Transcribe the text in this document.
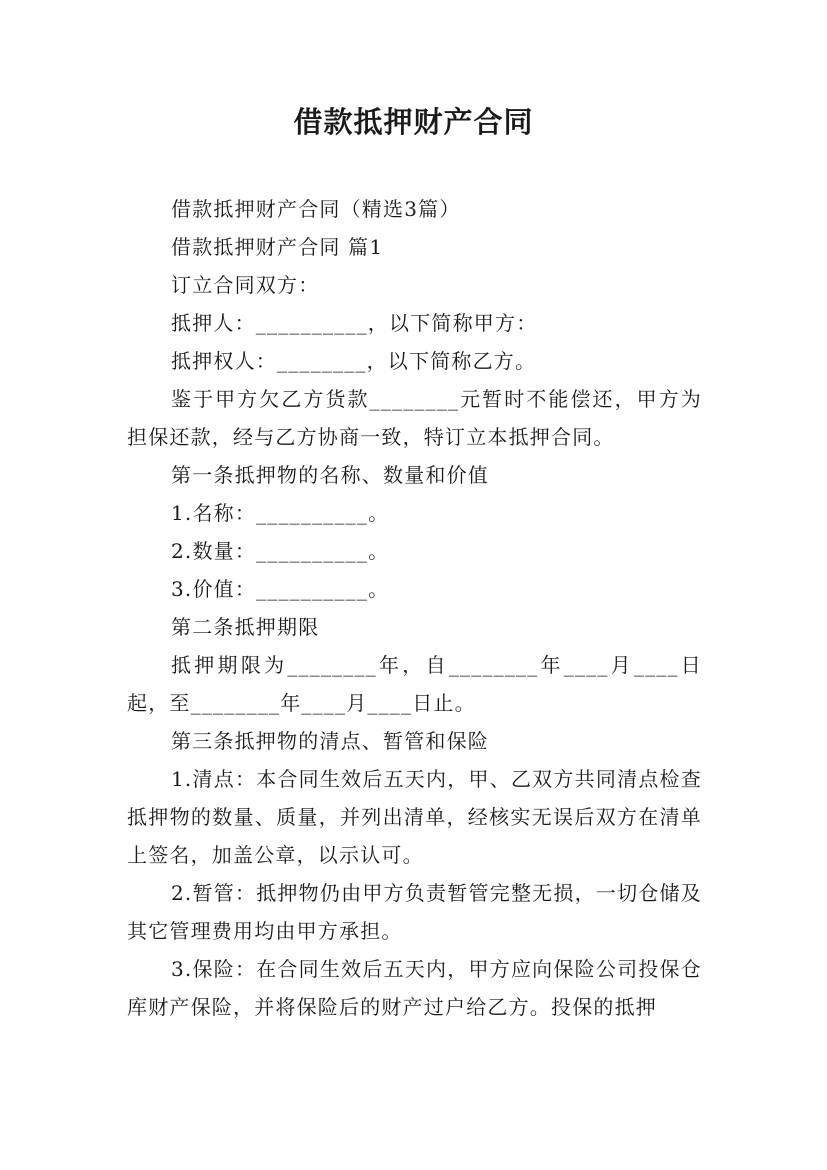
借款抵押财产合同

借款抵押财产合同（精选3篇）

借款抵押财产合同 篇1

订立合同双方：

抵押人：__________，以下简称甲方：

抵押权人：________，以下简称乙方。

鉴于甲方欠乙方货款________元暂时不能偿还，甲方为担保还款，经与乙方协商一致，特订立本抵押合同。

第一条抵押物的名称、数量和价值

1.名称：__________。

2.数量：__________。

3.价值：__________。

第二条抵押期限

抵押期限为________年，自________年____月____日起，至________年____月____日止。

第三条抵押物的清点、暂管和保险

1.清点：本合同生效后五天内，甲、乙双方共同清点检查抵押物的数量、质量，并列出清单，经核实无误后双方在清单上签名，加盖公章，以示认可。

2.暂管：抵押物仍由甲方负责暂管完整无损，一切仓储及其它管理费用均由甲方承担。

3.保险：在合同生效后五天内，甲方应向保险公司投保仓库财产保险，并将保险后的财产过户给乙方。投保的抵押
